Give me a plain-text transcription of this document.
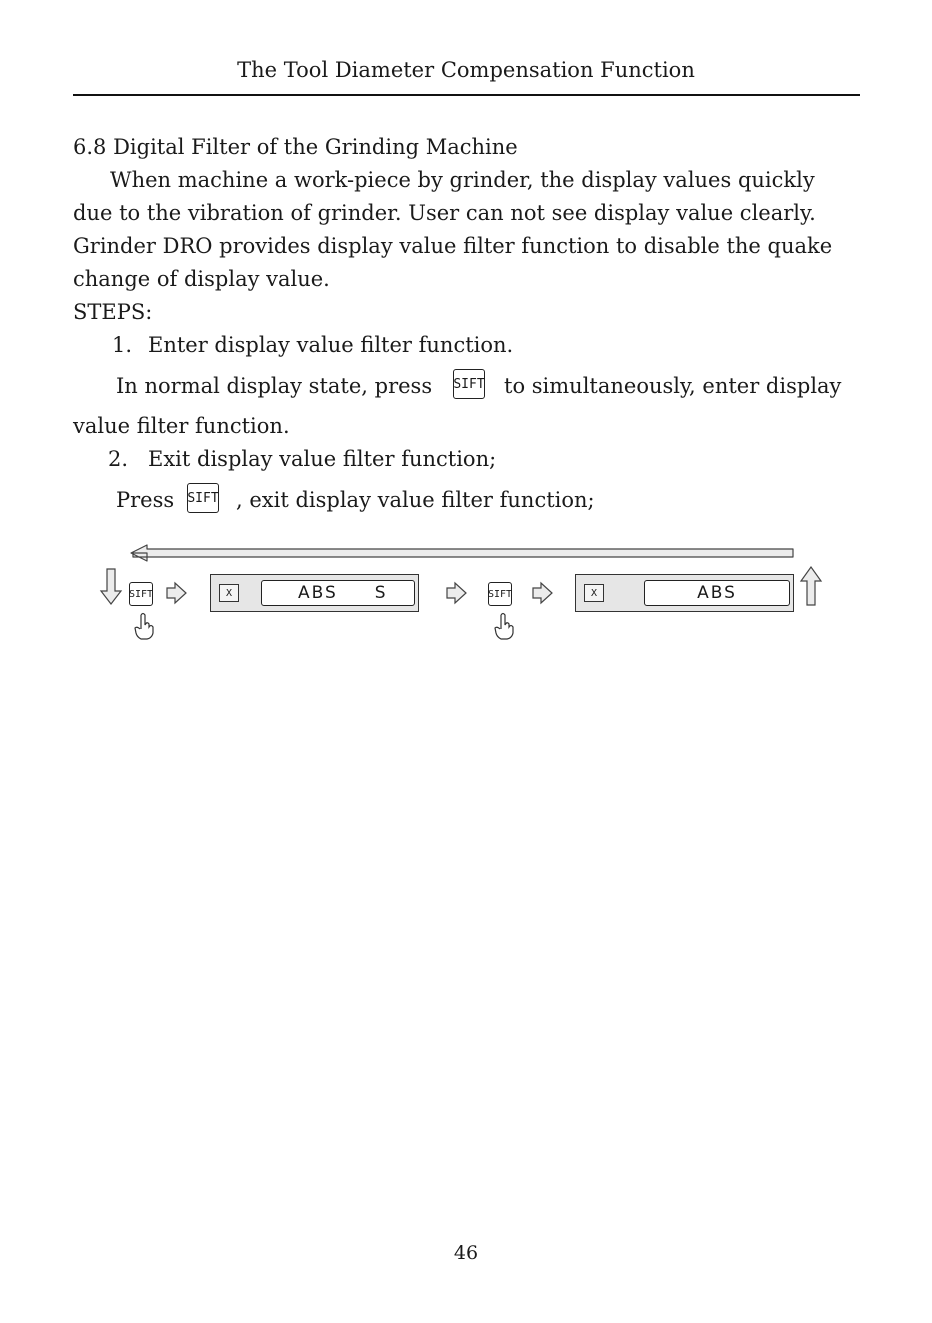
The Tool Diameter Compensation Function
6.8 Digital Filter of the Grinding Machine
When machine a work-piece by grinder, the display values quickly
due to the vibration of grinder. User can not see display value clearly.
Grinder DRO provides display value filter function to disable the quake
change of display value.
STEPS:
1. Enter display value filter function.
In normal display state, press SIFT to simultaneously, enter display
value filter function.
2. Exit display value filter function;
Press SIFT , exit display value filter function;
SIFT	SIFT
X	ABS     S	X	ABS
46
